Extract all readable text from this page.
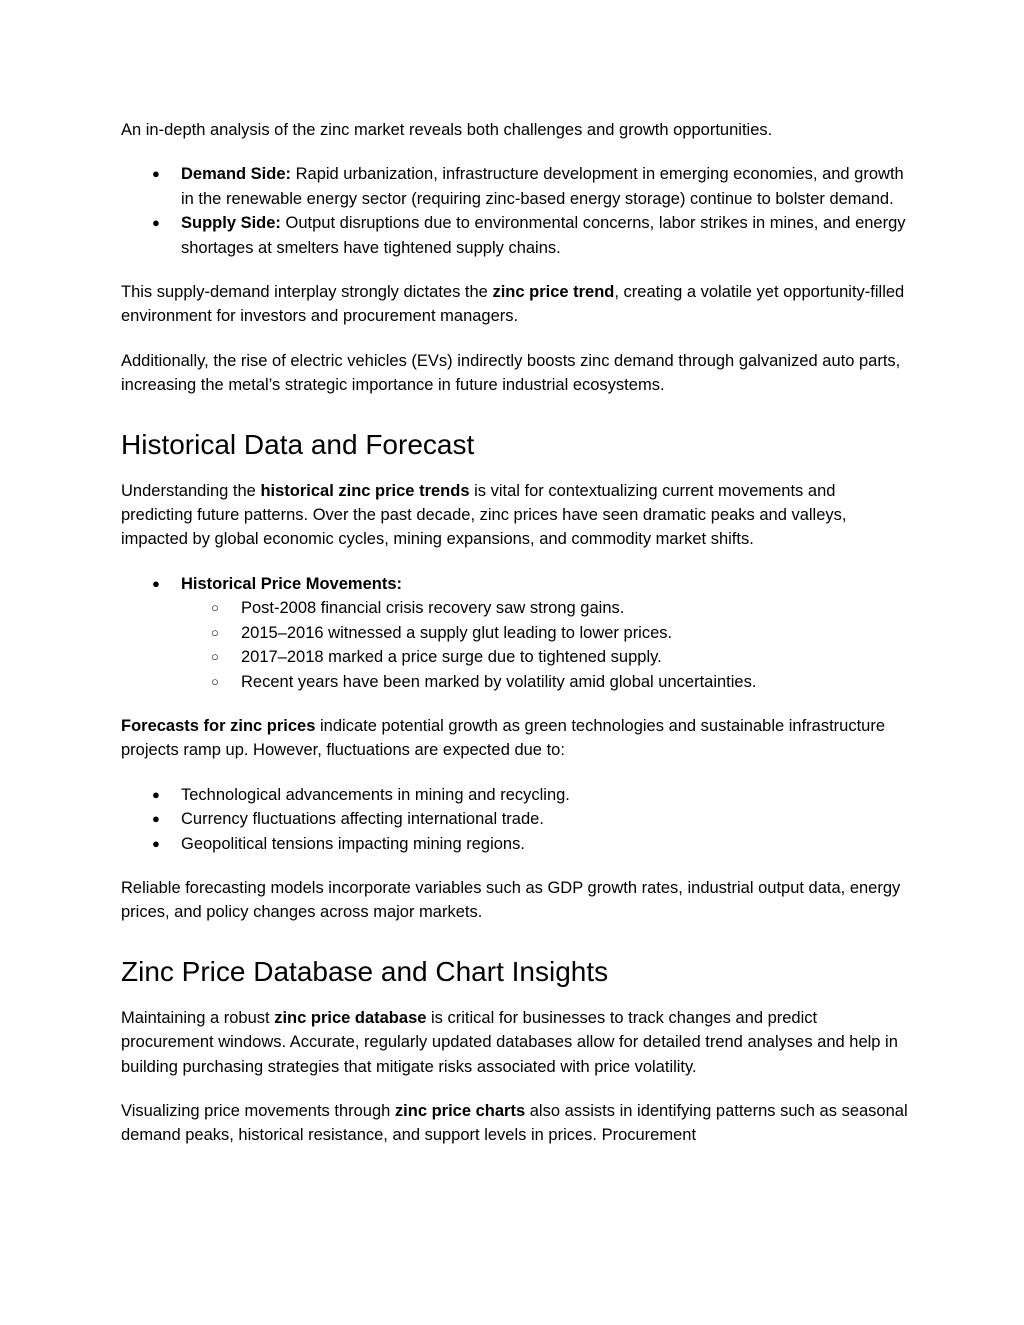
An in-depth analysis of the zinc market reveals both challenges and growth opportunities.

● Demand Side: Rapid urbanization, infrastructure development in emerging economies, and growth in the renewable energy sector (requiring zinc-based energy storage) continue to bolster demand.
● Supply Side: Output disruptions due to environmental concerns, labor strikes in mines, and energy shortages at smelters have tightened supply chains.

This supply-demand interplay strongly dictates the zinc price trend, creating a volatile yet opportunity-filled environment for investors and procurement managers.

Additionally, the rise of electric vehicles (EVs) indirectly boosts zinc demand through galvanized auto parts, increasing the metal’s strategic importance in future industrial ecosystems.

Historical Data and Forecast

Understanding the historical zinc price trends is vital for contextualizing current movements and predicting future patterns. Over the past decade, zinc prices have seen dramatic peaks and valleys, impacted by global economic cycles, mining expansions, and commodity market shifts.

● Historical Price Movements:
○ Post-2008 financial crisis recovery saw strong gains.
○ 2015–2016 witnessed a supply glut leading to lower prices.
○ 2017–2018 marked a price surge due to tightened supply.
○ Recent years have been marked by volatility amid global uncertainties.

Forecasts for zinc prices indicate potential growth as green technologies and sustainable infrastructure projects ramp up. However, fluctuations are expected due to:

● Technological advancements in mining and recycling.
● Currency fluctuations affecting international trade.
● Geopolitical tensions impacting mining regions.

Reliable forecasting models incorporate variables such as GDP growth rates, industrial output data, energy prices, and policy changes across major markets.

Zinc Price Database and Chart Insights

Maintaining a robust zinc price database is critical for businesses to track changes and predict procurement windows. Accurate, regularly updated databases allow for detailed trend analyses and help in building purchasing strategies that mitigate risks associated with price volatility.

Visualizing price movements through zinc price charts also assists in identifying patterns such as seasonal demand peaks, historical resistance, and support levels in prices. Procurement
